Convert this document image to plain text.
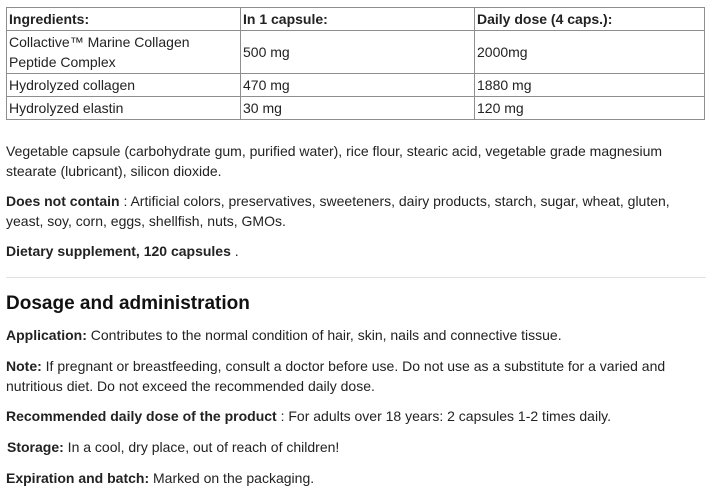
Ingredients:	In 1 capsule:	Daily dose (4 caps.):
Collactive™ Marine Collagen Peptide Complex	500 mg	2000mg
Hydrolyzed collagen	470 mg	1880 mg
Hydrolyzed elastin	30 mg	120 mg

Vegetable capsule (carbohydrate gum, purified water), rice flour, stearic acid, vegetable grade magnesium stearate (lubricant), silicon dioxide.

Does not contain : Artificial colors, preservatives, sweeteners, dairy products, starch, sugar, wheat, gluten, yeast, soy, corn, eggs, shellfish, nuts, GMOs.

Dietary supplement, 120 capsules .

Dosage and administration

Application: Contributes to the normal condition of hair, skin, nails and connective tissue.

Note: If pregnant or breastfeeding, consult a doctor before use. Do not use as a substitute for a varied and nutritious diet. Do not exceed the recommended daily dose.

Recommended daily dose of the product : For adults over 18 years: 2 capsules 1-2 times daily.

Storage: In a cool, dry place, out of reach of children!

Expiration and batch: Marked on the packaging.
